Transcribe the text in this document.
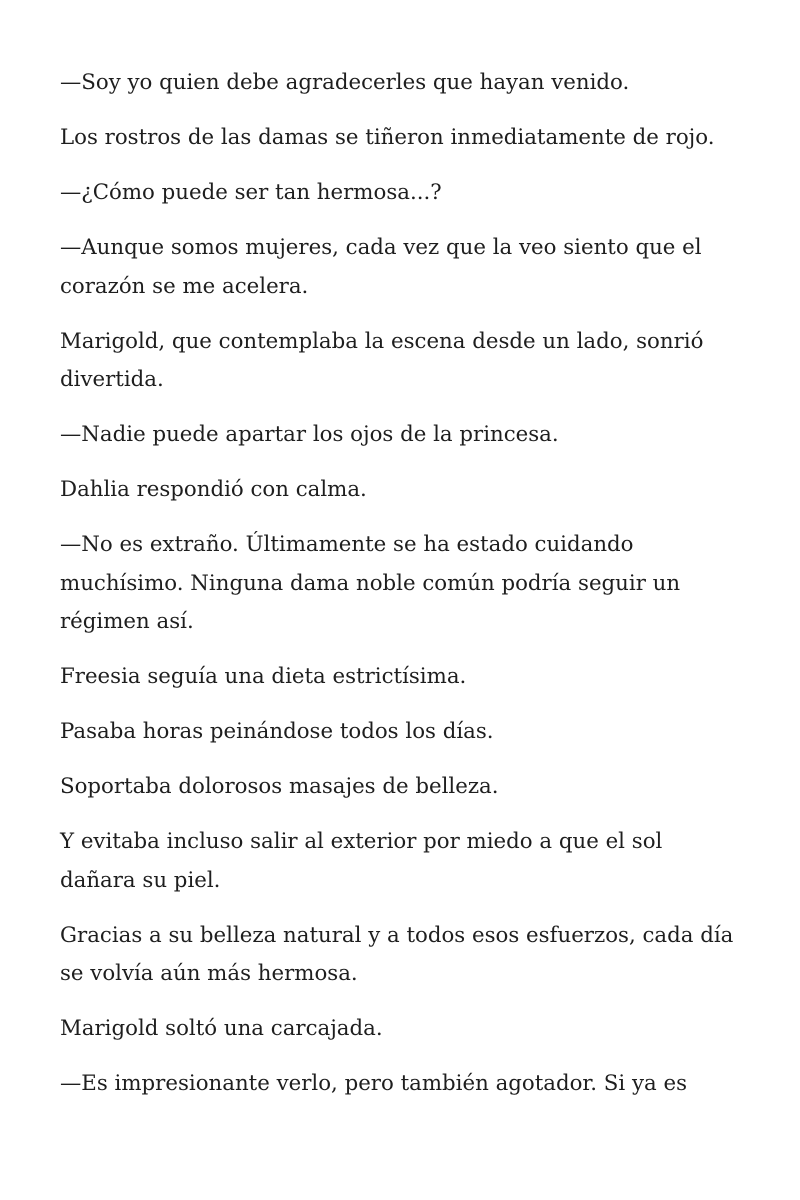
—Soy yo quien debe agradecerles que hayan venido.

Los rostros de las damas se tiñeron inmediatamente de rojo.

—¿Cómo puede ser tan hermosa...?

—Aunque somos mujeres, cada vez que la veo siento que el corazón se me acelera.

Marigold, que contemplaba la escena desde un lado, sonrió divertida.

—Nadie puede apartar los ojos de la princesa.

Dahlia respondió con calma.

—No es extraño. Últimamente se ha estado cuidando muchísimo. Ninguna dama noble común podría seguir un régimen así.

Freesia seguía una dieta estrictísima.

Pasaba horas peinándose todos los días.

Soportaba dolorosos masajes de belleza.

Y evitaba incluso salir al exterior por miedo a que el sol dañara su piel.

Gracias a su belleza natural y a todos esos esfuerzos, cada día se volvía aún más hermosa.

Marigold soltó una carcajada.

—Es impresionante verlo, pero también agotador. Si ya es
